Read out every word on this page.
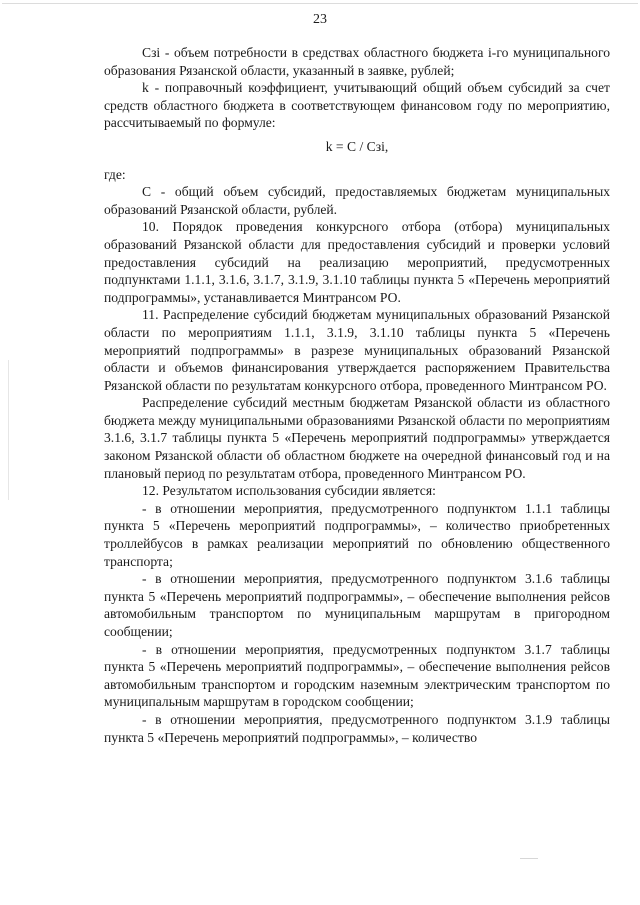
23

Cзi - объем потребности в средствах областного бюджета i-го муниципального образования Рязанской области, указанный в заявке, рублей;

k - поправочный коэффициент, учитывающий общий объем субсидий за счет средств областного бюджета в соответствующем финансовом году по мероприятию, рассчитываемый по формуле:

k = C / Cзi,

где:

С - общий объем субсидий, предоставляемых бюджетам муниципальных образований Рязанской области, рублей.

10. Порядок проведения конкурсного отбора (отбора) муниципальных образований Рязанской области для предоставления субсидий и проверки условий предоставления субсидий на реализацию мероприятий, предусмотренных подпунктами 1.1.1, 3.1.6, 3.1.7, 3.1.9, 3.1.10 таблицы пункта 5 «Перечень мероприятий подпрограммы», устанавливается Минтрансом РО.

11. Распределение субсидий бюджетам муниципальных образований Рязанской области по мероприятиям 1.1.1, 3.1.9, 3.1.10 таблицы пункта 5 «Перечень мероприятий подпрограммы» в разрезе муниципальных образований Рязанской области и объемов финансирования утверждается распоряжением Правительства Рязанской области по результатам конкурсного отбора, проведенного Минтрансом РО.

Распределение субсидий местным бюджетам Рязанской области из областного бюджета между муниципальными образованиями Рязанской области по мероприятиям 3.1.6, 3.1.7 таблицы пункта 5 «Перечень мероприятий подпрограммы» утверждается законом Рязанской области об областном бюджете на очередной финансовый год и на плановый период по результатам отбора, проведенного Минтрансом РО.

12. Результатом использования субсидии является:

- в отношении мероприятия, предусмотренного подпунктом 1.1.1 таблицы пункта 5 «Перечень мероприятий подпрограммы», – количество приобретенных троллейбусов в рамках реализации мероприятий по обновлению общественного транспорта;

- в отношении мероприятия, предусмотренного подпунктом 3.1.6 таблицы пункта 5 «Перечень мероприятий подпрограммы», – обеспечение выполнения рейсов автомобильным транспортом по муниципальным маршрутам в пригородном сообщении;

- в отношении мероприятия, предусмотренных подпунктом 3.1.7 таблицы пункта 5 «Перечень мероприятий подпрограммы», – обеспечение выполнения рейсов автомобильным транспортом и городским наземным электрическим транспортом по муниципальным маршрутам в городском сообщении;

- в отношении мероприятия, предусмотренного подпунктом 3.1.9 таблицы пункта 5 «Перечень мероприятий подпрограммы», – количество
